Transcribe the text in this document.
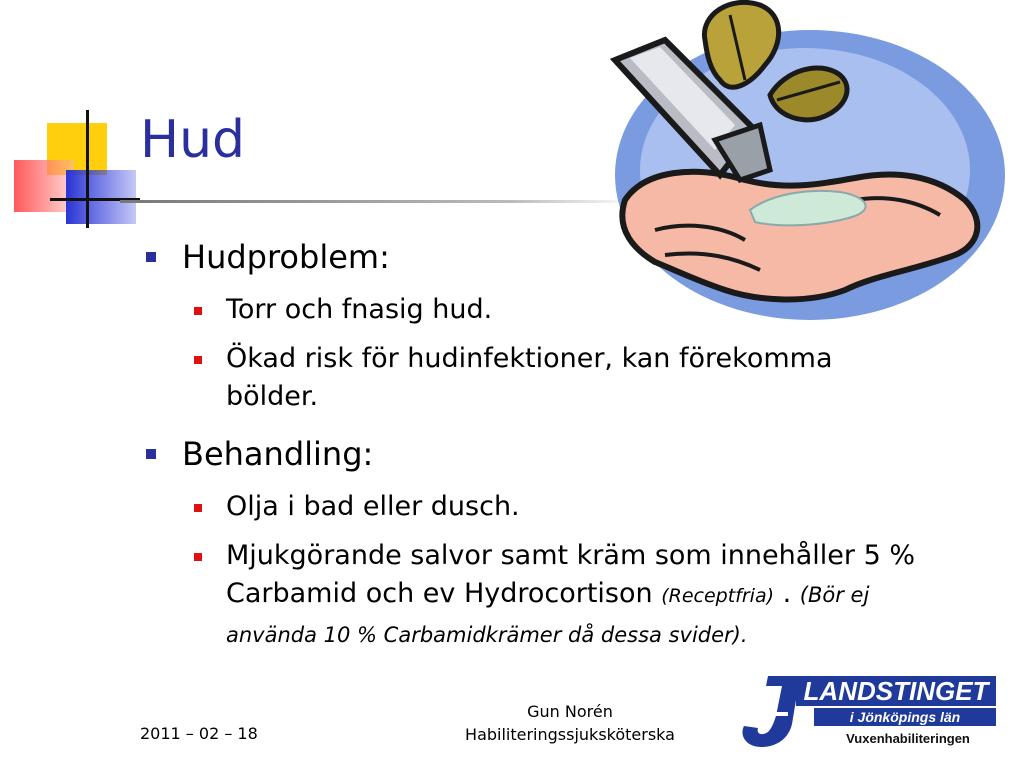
Hud
Hudproblem:
Torr och fnasig hud.
Ökad risk för hudinfektioner, kan förekomma bölder.
Behandling:
Olja i bad eller dusch.
Mjukgörande salvor samt kräm som innehåller 5 % Carbamid och ev Hydrocortison (Receptfria) . (Bör ej använda 10 % Carbamidkrämer då dessa svider).
2011 – 02 – 18
Gun Norén
Habiliteringssjuksköterska
LANDSTINGET
i Jönköpings län
Vuxenhabiliteringen
